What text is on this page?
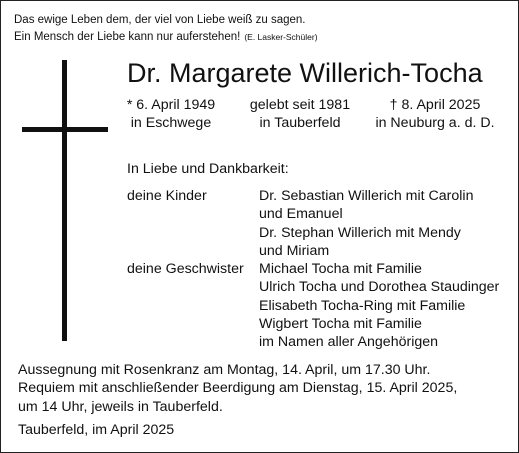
Das ewige Leben dem, der viel von Liebe weiß zu sagen.
Ein Mensch der Liebe kann nur auferstehen! (E. Lasker-Schüler)
Dr. Margarete Willerich-Tocha
* 6. April 1949
in Eschwege
gelebt seit 1981
in Tauberfeld
† 8. April 2025
in Neuburg a. d. D.
In Liebe und Dankbarkeit:
deine Kinder	Dr. Sebastian Willerich mit Carolin
und Emanuel
Dr. Stephan Willerich mit Mendy
und Miriam
deine Geschwister Michael Tocha mit Familie
Ulrich Tocha und Dorothea Staudinger
Elisabeth Tocha-Ring mit Familie
Wigbert Tocha mit Familie
im Namen aller Angehörigen
Aussegnung mit Rosenkranz am Montag, 14. April, um 17.30 Uhr.
Requiem mit anschließender Beerdigung am Dienstag, 15. April 2025,
um 14 Uhr, jeweils in Tauberfeld.
Tauberfeld, im April 2025
